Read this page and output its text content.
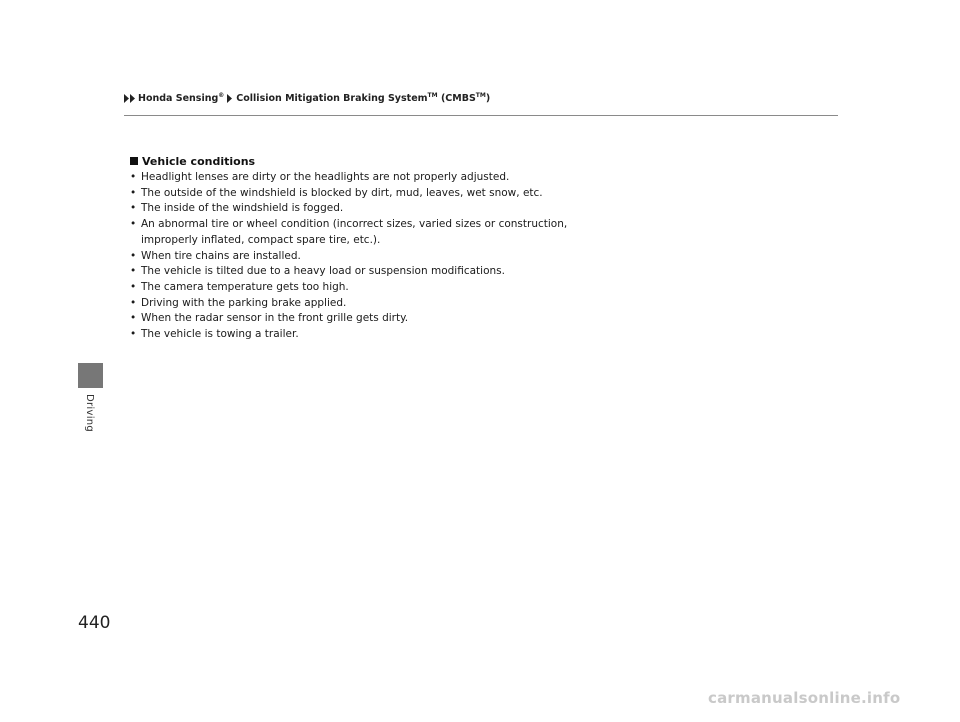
Honda Sensing® Collision Mitigation Braking System™ (CMBS™)
Driving
Vehicle conditions
• Headlight lenses are dirty or the headlights are not properly adjusted.
• The outside of the windshield is blocked by dirt, mud, leaves, wet snow, etc.
• The inside of the windshield is fogged.
• An abnormal tire or wheel condition (incorrect sizes, varied sizes or construction, improperly inflated, compact spare tire, etc.).
• When tire chains are installed.
• The vehicle is tilted due to a heavy load or suspension modifications.
• The camera temperature gets too high.
• Driving with the parking brake applied.
• When the radar sensor in the front grille gets dirty.
• The vehicle is towing a trailer.
440
carmanualsonline.info
